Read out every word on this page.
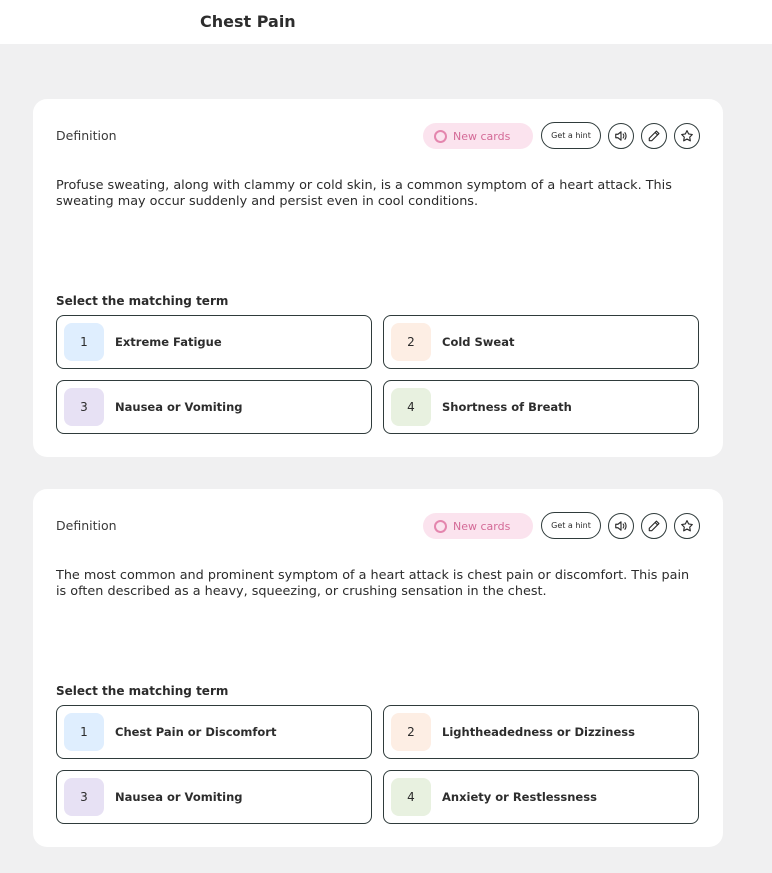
Chest Pain
Definition	New cards	Get a hint
Profuse sweating, along with clammy or cold skin, is a common symptom of a heart attack. This sweating may occur suddenly and persist even in cool conditions.
Select the matching term
1	Extreme Fatigue	2	Cold Sweat
3	Nausea or Vomiting	4	Shortness of Breath
Definition	New cards	Get a hint
The most common and prominent symptom of a heart attack is chest pain or discomfort. This pain is often described as a heavy, squeezing, or crushing sensation in the chest.
Select the matching term
1	Chest Pain or Discomfort	2	Lightheadedness or Dizziness
3	Nausea or Vomiting	4	Anxiety or Restlessness
